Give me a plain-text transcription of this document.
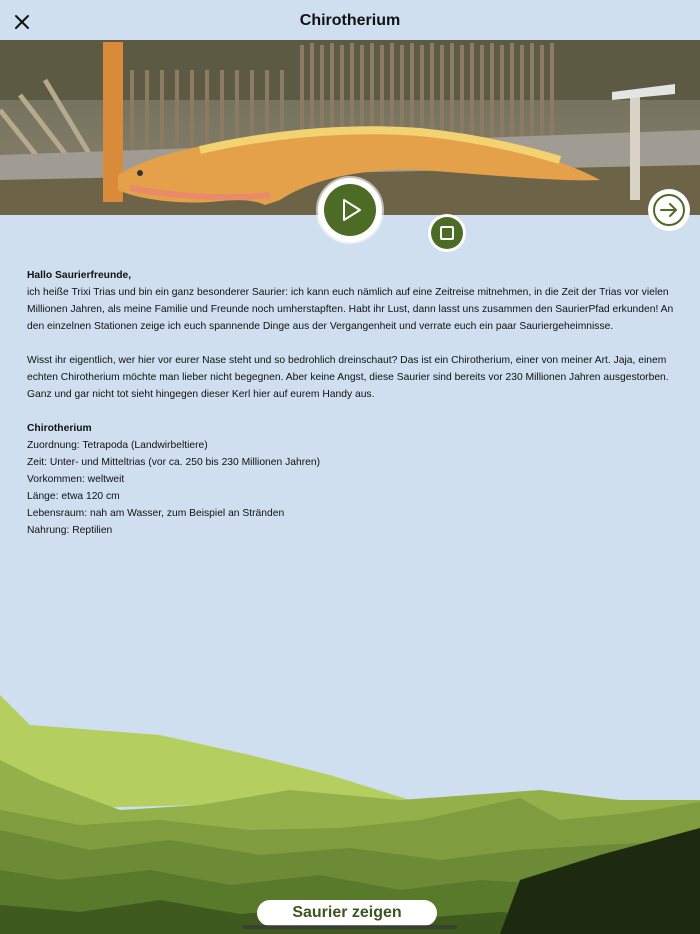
Chirotherium

Hallo Saurierfreunde,
ich heiße Trixi Trias und bin ein ganz besonderer Saurier: ich kann euch nämlich auf eine Zeitreise mitnehmen, in die Zeit der Trias vor vielen Millionen Jahren, als meine Familie und Freunde noch umherstapften. Habt ihr Lust, dann lasst uns zusammen den SaurierPfad erkunden! An den einzelnen Stationen zeige ich euch spannende Dinge aus der Vergangenheit und verrate euch ein paar Sauriergeheimnisse.

Wisst ihr eigentlich, wer hier vor eurer Nase steht und so bedrohlich dreinschaut? Das ist ein Chirotherium, einer von meiner Art. Jaja, einem echten Chirotherium möchte man lieber nicht begegnen. Aber keine Angst, diese Saurier sind bereits vor 230 Millionen Jahren ausgestorben. Ganz und gar nicht tot sieht hingegen dieser Kerl hier auf eurem Handy aus.

Chirotherium
Zuordnung: Tetrapoda (Landwirbeltiere)
Zeit: Unter- und Mitteltrias (vor ca. 250 bis 230 Millionen Jahren)
Vorkommen: weltweit
Länge: etwa 120 cm
Lebensraum: nah am Wasser, zum Beispiel an Stränden
Nahrung: Reptilien
Saurier zeigen
